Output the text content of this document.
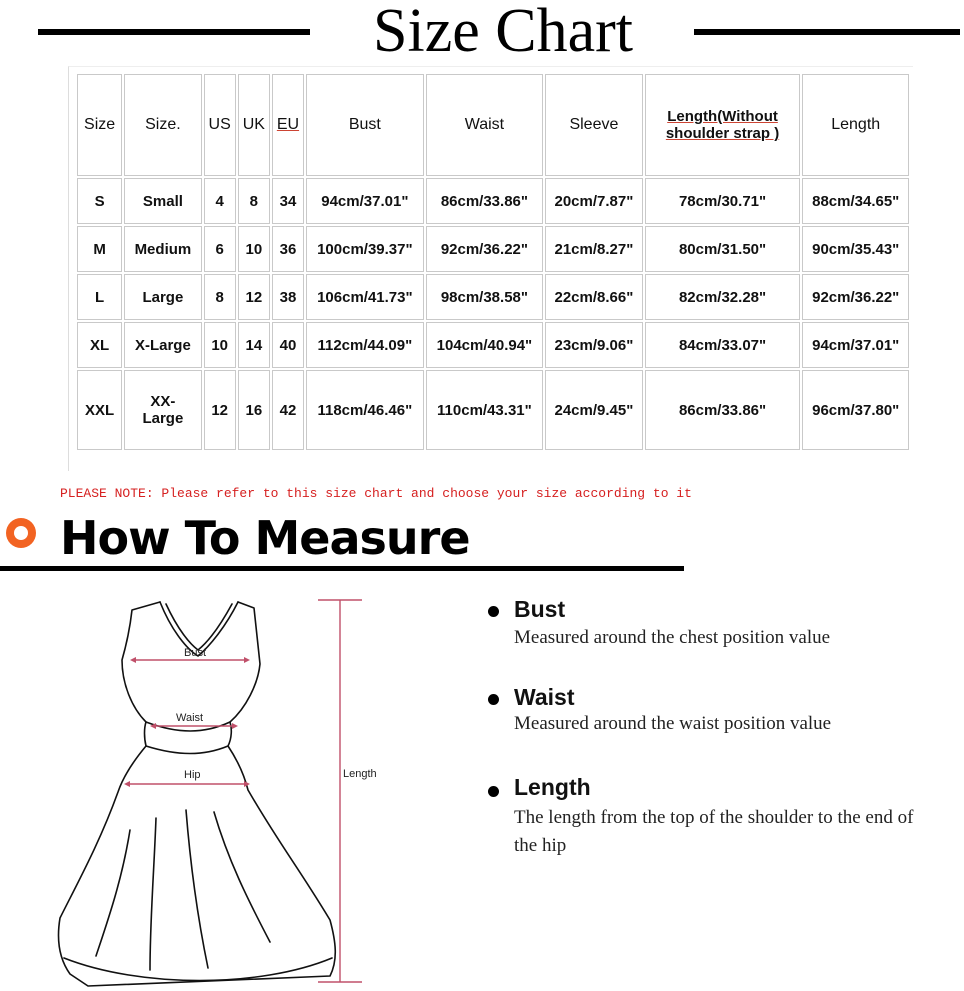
Size Chart
Size	Size.	US	UK	EU	Bust	Waist	Sleeve	Length(Without shoulder strap )	Length
S	Small	4	8	34	94cm/37.01"	86cm/33.86"	20cm/7.87"	78cm/30.71"	88cm/34.65"
M	Medium	6	10	36	100cm/39.37"	92cm/36.22"	21cm/8.27"	80cm/31.50"	90cm/35.43"
L	Large	8	12	38	106cm/41.73"	98cm/38.58"	22cm/8.66"	82cm/32.28"	92cm/36.22"
XL	X-Large	10	14	40	112cm/44.09"	104cm/40.94"	23cm/9.06"	84cm/33.07"	94cm/37.01"
XXL	XX-Large	12	16	42	118cm/46.46"	110cm/43.31"	24cm/9.45"	86cm/33.86"	96cm/37.80"
PLEASE NOTE: Please refer to this size chart and choose your size according to it
How To Measure
Bust
Waist
Hip	Length
Bust
Measured around the chest position value
Waist
Measured around the waist position value
Length
The length from the top of the shoulder to the end of the hip
